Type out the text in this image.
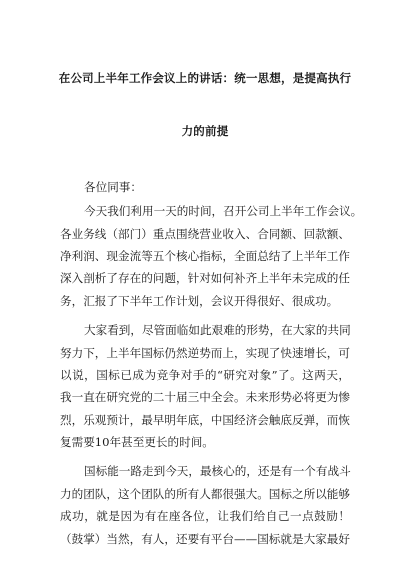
在公司上半年工作会议上的讲话：统一思想，是提高执行
力的前提

各位同事：

今天我们利用一天的时间，召开公司上半年工作会议。

各业务线（部门）重点围绕营业收入、合同额、回款额、

净利润、现金流等五个核心指标，全面总结了上半年工作

深入剖析了存在的问题，针对如何补齐上半年未完成的任

务，汇报了下半年工作计划，会议开得很好、很成功。

大家看到，尽管面临如此艰难的形势，在大家的共同

努力下，上半年国标仍然逆势而上，实现了快速增长，可

以说，国标已成为竞争对手的“研究对象”了。这两天，

我一直在研究党的二十届三中全会。未来形势必将更为惨

烈，乐观预计，最早明年底，中国经济会触底反弹，而恢

复需要10年甚至更长的时间。

国标能一路走到今天，最核心的，还是有一个有战斗

力的团队，这个团队的所有人都很强大。国标之所以能够

成功，就是因为有在座各位，让我们给自己一点鼓励！

（鼓掌）当然，有人，还要有平台——国标就是大家最好
